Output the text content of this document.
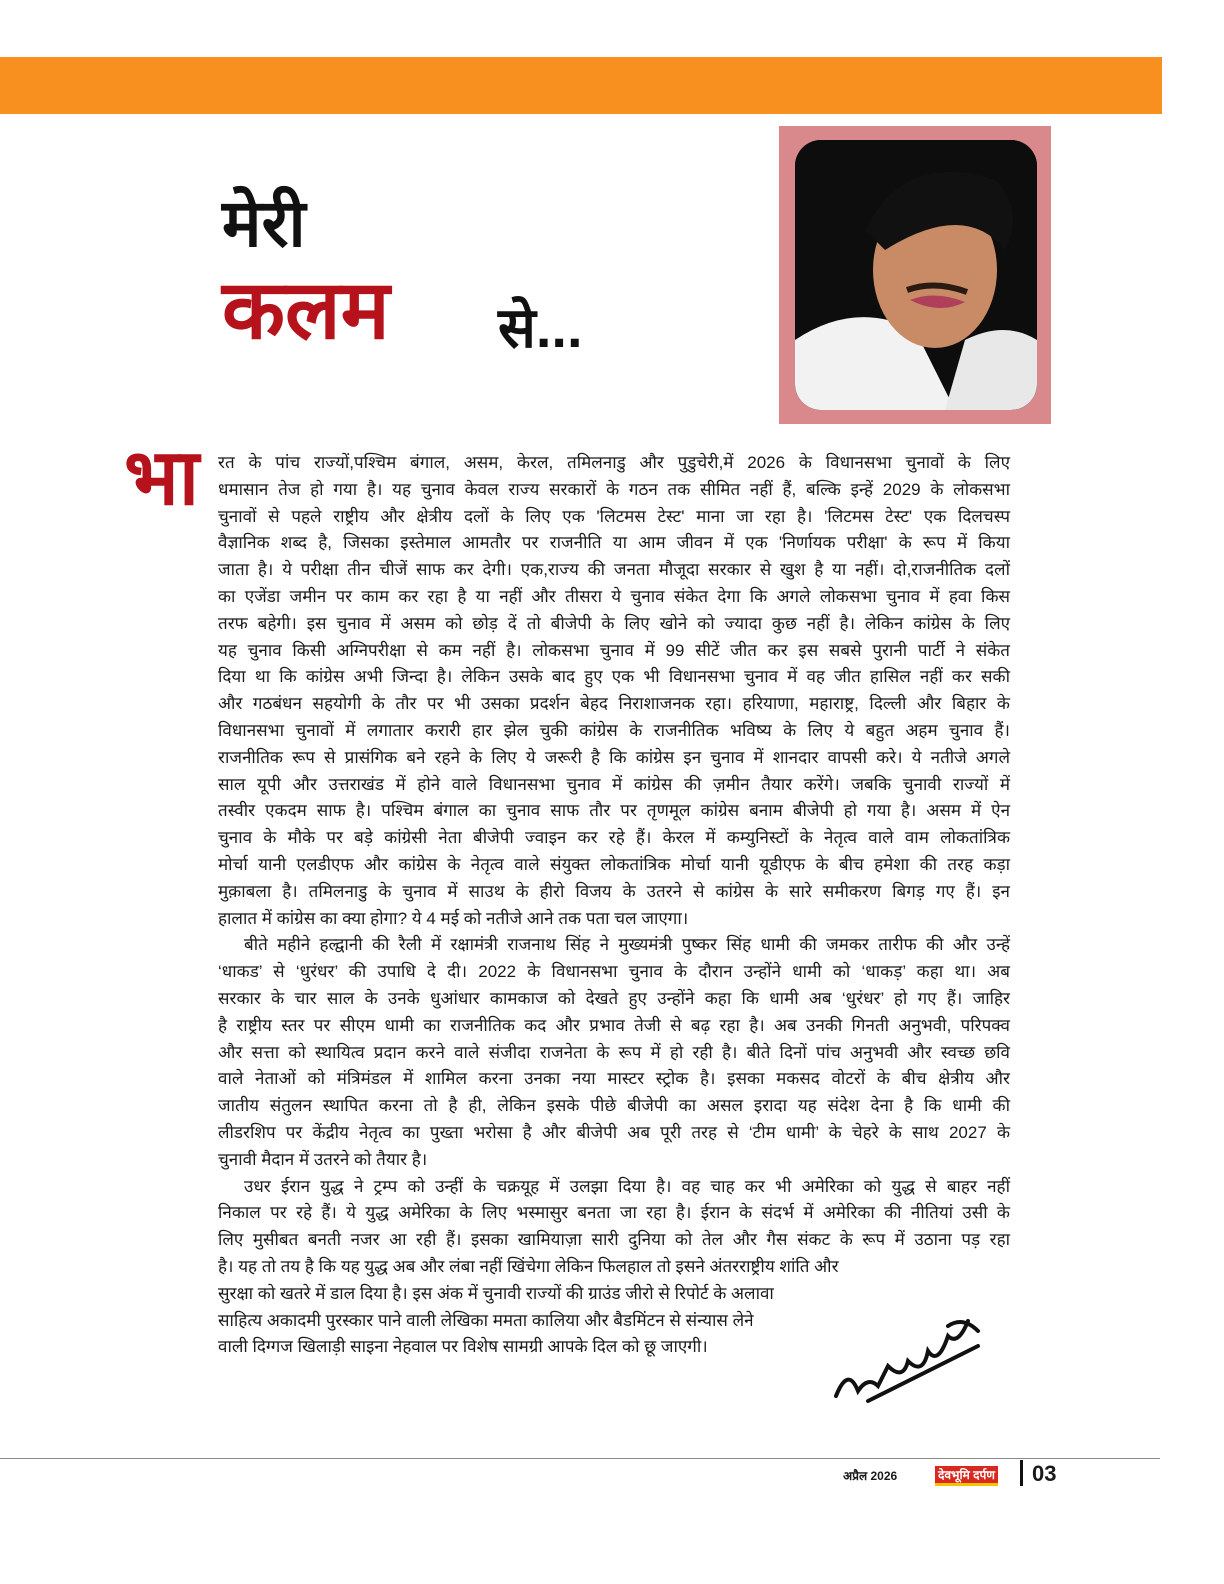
मेरी
कलम से...
भा रत के पांच राज्यों,पश्चिम बंगाल, असम, केरल, तमिलनाडु और पुडुचेरी,में 2026 के विधानसभा चुनावों के लिए
धमासान तेज हो गया है। यह चुनाव केवल राज्य सरकारों के गठन तक सीमित नहीं हैं, बल्कि इन्हें 2029 के लोकसभा
चुनावों से पहले राष्ट्रीय और क्षेत्रीय दलों के लिए एक 'लिटमस टेस्ट' माना जा रहा है। 'लिटमस टेस्ट' एक दिलचस्प
वैज्ञानिक शब्द है, जिसका इस्तेमाल आमतौर पर राजनीति या आम जीवन में एक 'निर्णायक परीक्षा' के रूप में किया
जाता है। ये परीक्षा तीन चीजें साफ कर देगी। एक,राज्य की जनता मौजूदा सरकार से खुश है या नहीं। दो,राजनीतिक दलों
का एजेंडा जमीन पर काम कर रहा है या नहीं और तीसरा ये चुनाव संकेत देगा कि अगले लोकसभा चुनाव में हवा किस
तरफ बहेगी। इस चुनाव में असम को छोड़ दें तो बीजेपी के लिए खोने को ज्यादा कुछ नहीं है। लेकिन कांग्रेस के लिए
यह चुनाव किसी अग्निपरीक्षा से कम नहीं है। लोकसभा चुनाव में 99 सीटें जीत कर इस सबसे पुरानी पार्टी ने संकेत
दिया था कि कांग्रेस अभी जिन्दा है। लेकिन उसके बाद हुए एक भी विधानसभा चुनाव में वह जीत हासिल नहीं कर सकी
और गठबंधन सहयोगी के तौर पर भी उसका प्रदर्शन बेहद निराशाजनक रहा। हरियाणा, महाराष्ट्र, दिल्ली और बिहार के
विधानसभा चुनावों में लगातार करारी हार झेल चुकी कांग्रेस के राजनीतिक भविष्य के लिए ये बहुत अहम चुनाव हैं।
राजनीतिक रूप से प्रासंगिक बने रहने के लिए ये जरूरी है कि कांग्रेस इन चुनाव में शानदार वापसी करे। ये नतीजे अगले
साल यूपी और उत्तराखंड में होने वाले विधानसभा चुनाव में कांग्रेस की ज़मीन तैयार करेंगे। जबकि चुनावी राज्यों में
तस्वीर एकदम साफ है। पश्चिम बंगाल का चुनाव साफ तौर पर तृणमूल कांग्रेस बनाम बीजेपी हो गया है। असम में ऐन
चुनाव के मौके पर बड़े कांग्रेसी नेता बीजेपी ज्वाइन कर रहे हैं। केरल में कम्युनिस्टों के नेतृत्व वाले वाम लोकतांत्रिक
मोर्चा यानी एलडीएफ और कांग्रेस के नेतृत्व वाले संयुक्त लोकतांत्रिक मोर्चा यानी यूडीएफ के बीच हमेशा की तरह कड़ा
मुक़ाबला है। तमिलनाडु के चुनाव में साउथ के हीरो विजय के उतरने से कांग्रेस के सारे समीकरण बिगड़ गए हैं। इन
हालात में कांग्रेस का क्या होगा? ये 4 मई को नतीजे आने तक पता चल जाएगा।
बीते महीने हल्द्वानी की रैली में रक्षामंत्री राजनाथ सिंह ने मुख्यमंत्री पुष्कर सिंह धामी की जमकर तारीफ की और उन्हें
‘धाकड’ से ‘धुरंधर’ की उपाधि दे दी। 2022 के विधानसभा चुनाव के दौरान उन्होंने धामी को ‘धाकड़’ कहा था। अब
सरकार के चार साल के उनके धुआंधार कामकाज को देखते हुए उन्होंने कहा कि धामी अब ‘धुरंधर’ हो गए हैं। जाहिर
है राष्ट्रीय स्तर पर सीएम धामी का राजनीतिक कद और प्रभाव तेजी से बढ़ रहा है। अब उनकी गिनती अनुभवी, परिपक्व
और सत्ता को स्थायित्व प्रदान करने वाले संजीदा राजनेता के रूप में हो रही है। बीते दिनों पांच अनुभवी और स्वच्छ छवि
वाले नेताओं को मंत्रिमंडल में शामिल करना उनका नया मास्टर स्ट्रोक है। इसका मकसद वोटरों के बीच क्षेत्रीय और
जातीय संतुलन स्थापित करना तो है ही, लेकिन इसके पीछे बीजेपी का असल इरादा यह संदेश देना है कि धामी की
लीडरशिप पर केंद्रीय नेतृत्व का पुख्ता भरोसा है और बीजेपी अब पूरी तरह से ‘टीम धामी’ के चेहरे के साथ 2027 के
चुनावी मैदान में उतरने को तैयार है।
उधर ईरान युद्ध ने ट्रम्प को उन्हीं के चक्रयूह में उलझा दिया है। वह चाह कर भी अमेरिका को युद्ध से बाहर नहीं
निकाल पर रहे हैं। ये युद्ध अमेरिका के लिए भस्मासुर बनता जा रहा है। ईरान के संदर्भ में अमेरिका की नीतियां उसी के
लिए मुसीबत बनती नजर आ रही हैं। इसका खामियाज़ा सारी दुनिया को तेल और गैस संकट के रूप में उठाना पड़ रहा
है। यह तो तय है कि यह युद्ध अब और लंबा नहीं खिंचेगा लेकिन फिलहाल तो इसने अंतरराष्ट्रीय शांति और
सुरक्षा को खतरे में डाल दिया है। इस अंक में चुनावी राज्यों की ग्राउंड जीरो से रिपोर्ट के अलावा
साहित्य अकादमी पुरस्कार पाने वाली लेखिका ममता कालिया और बैडमिंटन से संन्यास लेने
वाली दिग्गज खिलाड़ी साइना नेहवाल पर विशेष सामग्री आपके दिल को छू जाएगी।
अप्रैल 2026	देवभूमि दर्पण 03
